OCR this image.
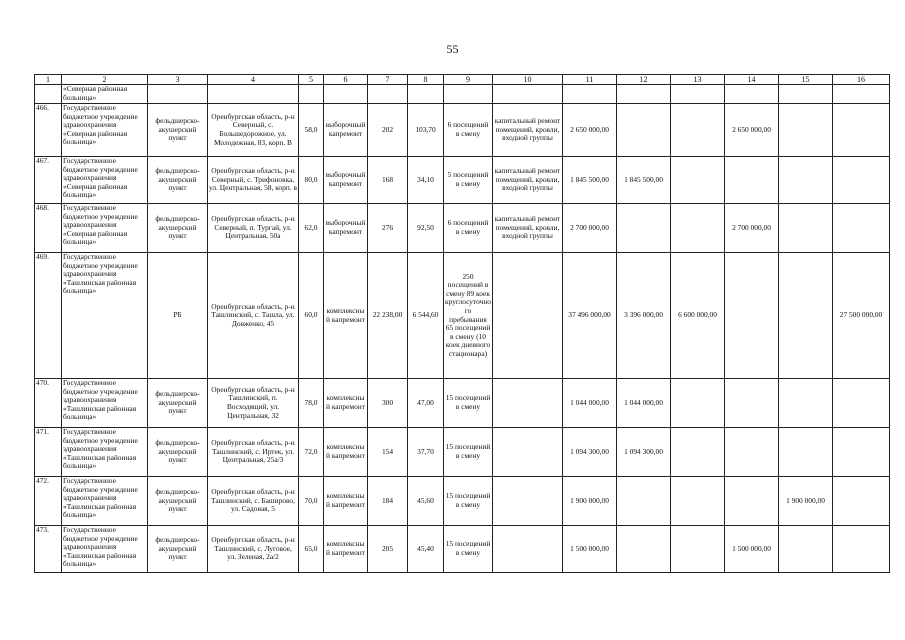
55
1	2	3	4	5	6	7	8	9	10	11	12	13	14	15	16
	«Северная районная больница»														
466.	Государственное бюджетное учреждение здравоохранения «Северная районная больница»	фельдшерско-акушерский пункт	Оренбургская область, р-н Северный, с. Большедорожное, ул. Молодежная, 83, корп. В	58,0	выборочный капремонт	202	103,70	6 посещений в смену	капитальный ремонт помещений, кровли, входной группы	2 650 000,00			2 650 000,00		
467.	Государственное бюджетное учреждение здравоохранения «Северная районная больница»	фельдшерско-акушерский пункт	Оренбургская область, р-н Северный, с. Трифоновка, ул. Центральная, 58, корп. в	80,0	выборочный капремонт	168	34,10	5 посещений в смену	капитальный ремонт помещений, кровли, входной группы	1 845 500,00	1 845 500,00				
468.	Государственное бюджетное учреждение здравоохранения «Северная районная больница»	фельдшерско-акушерский пункт	Оренбургская область, р-н Северный, п. Тургай, ул. Центральная, 50а	62,0	выборочный капремонт	276	92,50	6 посещений в смену	капитальный ремонт помещений, кровли, входной группы	2 700 000,00			2 700 000,00		
469.	Государственное бюджетное учреждение здравоохранения «Ташлинская районная больница»	РБ	Оренбургская область, р-н Ташлинский, с. Ташла, ул. Довженко, 45	60,0	комплексный капремонт	22 238,00	6 544,60	250 посещений в смену 89 коек круглосуточного пребывания 65 посещений в смену (10 коек дневного стационара)		37 496 000,00	3 396 000,00	6 600 000,00			27 500 000,00
470.	Государственное бюджетное учреждение здравоохранения «Ташлинская районная больница»	фельдшерско-акушерский пункт	Оренбургская область, р-н Ташлинский, п. Восходящий, ул. Центральная, 32	78,0	комплексный капремонт	300	47,00	15 посещений в смену		1 044 000,00	1 044 000,00				
471.	Государственное бюджетное учреждение здравоохранения «Ташлинская районная больница»	фельдшерско-акушерский пункт	Оренбургская область, р-н Ташлинский, с. Иртек, ул. Центральная, 25а/3	72,0	комплексный капремонт	154	37,70	15 посещений в смену		1 094 300,00	1 094 300,00				
472.	Государственное бюджетное учреждение здравоохранения «Ташлинская районная больница»	фельдшерско-акушерский пункт	Оренбургская область, р-н Ташлинский, с. Баширово, ул. Садовая, 5	70,0	комплексный капремонт	184	45,60	15 посещений в смену		1 900 000,00				1 900 000,00	
473.	Государственное бюджетное учреждение здравоохранения «Ташлинская районная больница»	фельдшерско-акушерский пункт	Оренбургская область, р-н Ташлинский, с. Луговое, ул. Зеленая, 2а/2	65,0	комплексный капремонт	205	45,40	15 посещений в смену		1 500 000,00			1 500 000,00		
